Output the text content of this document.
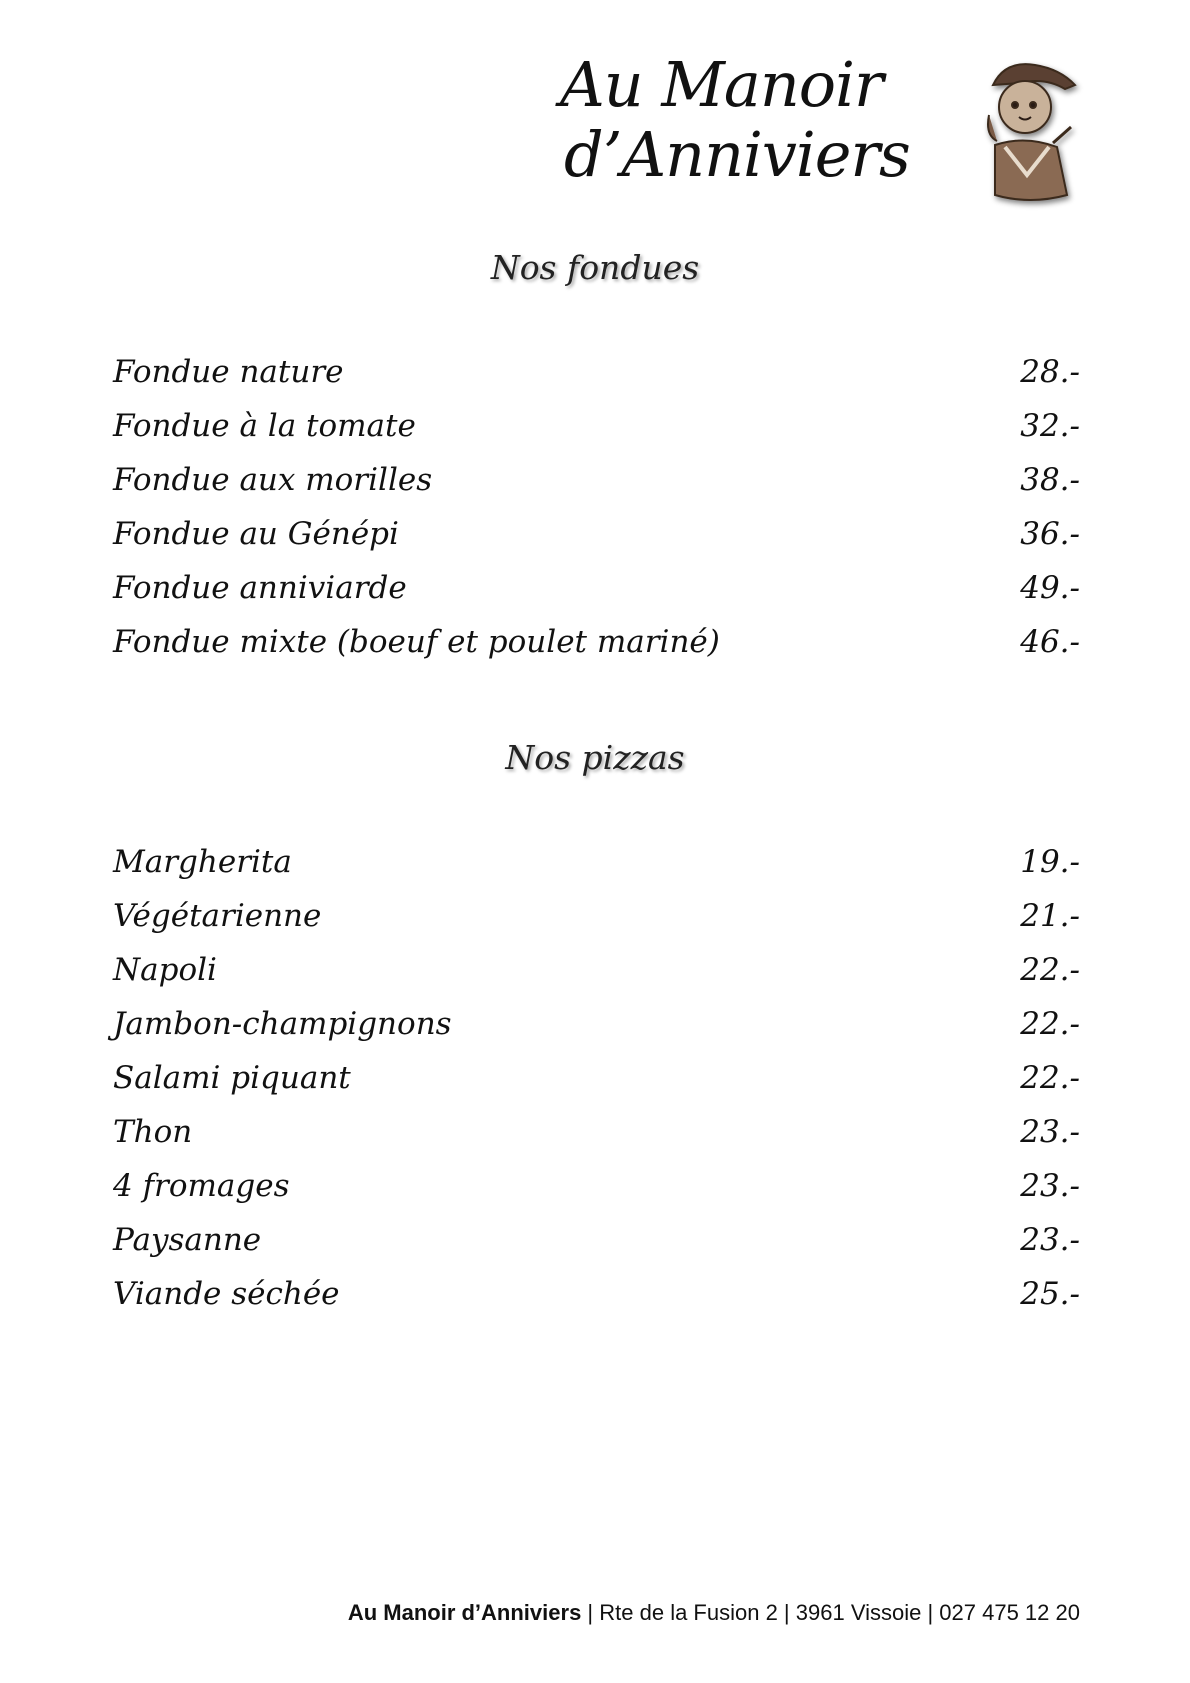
Au Manoir
d’Anniviers
Nos fondues
Fondue nature	28.-
Fondue à la tomate	32.-
Fondue aux morilles	38.-
Fondue au Génépi	36.-
Fondue anniviarde	49.-
Fondue mixte (boeuf et poulet mariné)	46.-
Nos pizzas
Margherita	19.-
Végétarienne	21.-
Napoli	22.-
Jambon-champignons	22.-
Salami piquant	22.-
Thon	23.-
4 fromages	23.-
Paysanne	23.-
Viande séchée	25.-
Au Manoir d’Anniviers | Rte de la Fusion 2 | 3961 Vissoie | 027 475 12 20
